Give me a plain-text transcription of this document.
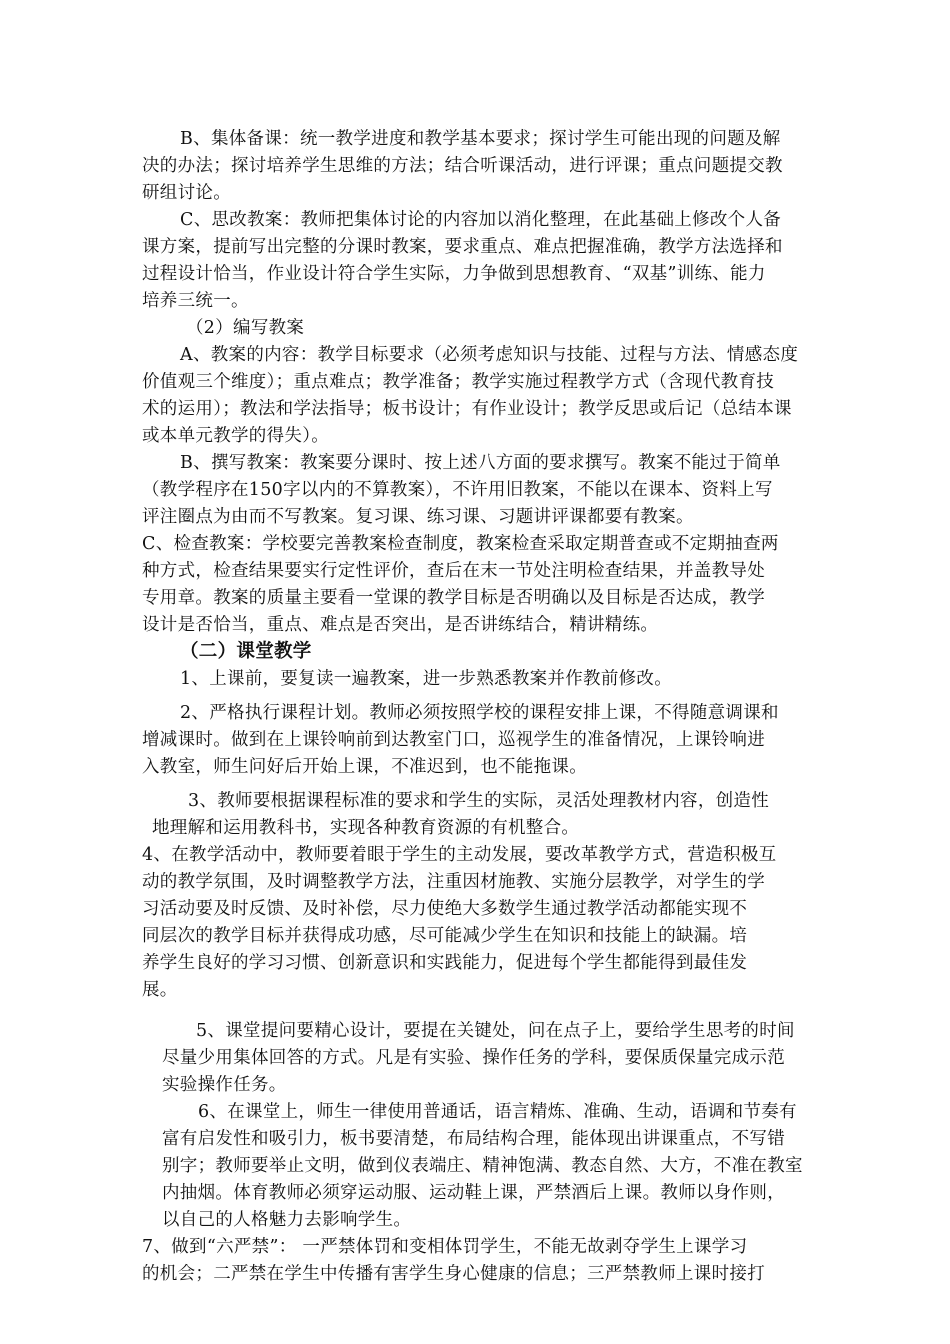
B、集体备课：统一教学进度和教学基本要求；探讨学生可能出现的问题及解
决的办法；探讨培养学生思维的方法；结合听课活动，进行评课；重点问题提交教
研组讨论。
C、思改教案：教师把集体讨论的内容加以消化整理，在此基础上修改个人备
课方案，提前写出完整的分课时教案，要求重点、难点把握准确，教学方法选择和
过程设计恰当，作业设计符合学生实际，力争做到思想教育、“双基”训练、能力
培养三统一。
（2）编写教案
A、教案的内容：教学目标要求（必须考虑知识与技能、过程与方法、情感态度
价值观三个维度）；重点难点；教学准备；教学实施过程教学方式（含现代教育技
术的运用）；教法和学法指导；板书设计；有作业设计；教学反思或后记（总结本课
或本单元教学的得失）。
B、撰写教案：教案要分课时、按上述八方面的要求撰写。教案不能过于简单
（教学程序在150字以内的不算教案），不许用旧教案，不能以在课本、资料上写
评注圈点为由而不写教案。复习课、练习课、习题讲评课都要有教案。
C、检查教案：学校要完善教案检查制度，教案检查采取定期普查或不定期抽查两
种方式，检查结果要实行定性评价，查后在末一节处注明检查结果，并盖教导处
专用章。教案的质量主要看一堂课的教学目标是否明确以及目标是否达成，教学
设计是否恰当，重点、难点是否突出，是否讲练结合，精讲精练。
（二）课堂教学
1、上课前，要复读一遍教案，进一步熟悉教案并作教前修改。
2、严格执行课程计划。教师必须按照学校的课程安排上课，不得随意调课和
增减课时。做到在上课铃响前到达教室门口，巡视学生的准备情况，上课铃响进
入教室，师生问好后开始上课，不准迟到，也不能拖课。
3、教师要根据课程标准的要求和学生的实际，灵活处理教材内容，创造性
地理解和运用教科书，实现各种教育资源的有机整合。
4、在教学活动中，教师要着眼于学生的主动发展，要改革教学方式，营造积极互
动的教学氛围，及时调整教学方法，注重因材施教、实施分层教学，对学生的学
习活动要及时反馈、及时补偿，尽力使绝大多数学生通过教学活动都能实现不
同层次的教学目标并获得成功感，尽可能减少学生在知识和技能上的缺漏。培
养学生良好的学习习惯、创新意识和实践能力，促进每个学生都能得到最佳发
展。
5、课堂提问要精心设计，要提在关键处，问在点子上，要给学生思考的时间
尽量少用集体回答的方式。凡是有实验、操作任务的学科，要保质保量完成示范
实验操作任务。
6、在课堂上，师生一律使用普通话，语言精炼、准确、生动，语调和节奏有
富有启发性和吸引力，板书要清楚，布局结构合理，能体现出讲课重点，不写错
别字；教师要举止文明，做到仪表端庄、精神饱满、教态自然、大方，不准在教室
内抽烟。体育教师必须穿运动服、运动鞋上课，严禁酒后上课。教师以身作则，
以自己的人格魅力去影响学生。
7、做到“六严禁”： 一严禁体罚和变相体罚学生，不能无故剥夺学生上课学习
的机会；二严禁在学生中传播有害学生身心健康的信息；三严禁教师上课时接打
